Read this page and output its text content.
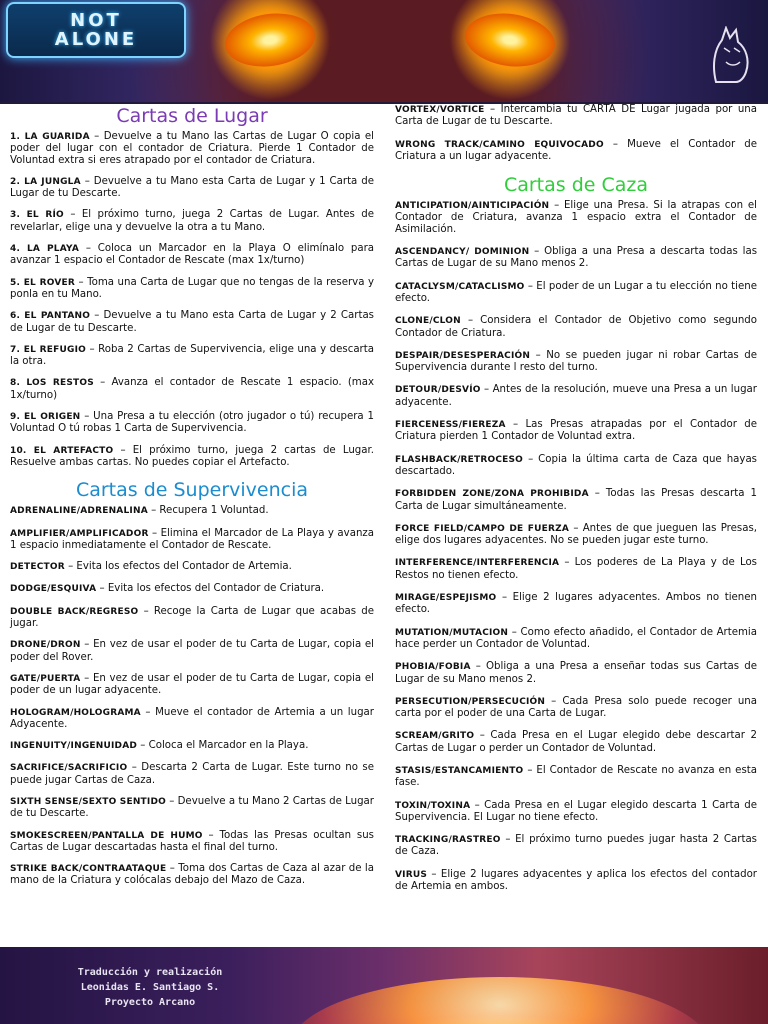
NOT
ALONE
Cartas de Lugar

1. LA GUARIDA – Devuelve a tu Mano las Cartas de Lugar O copia el poder del lugar con el contador de Criatura. Pierde 1 Contador de Voluntad extra si eres atrapado por el contador de Criatura.

2. LA JUNGLA – Devuelve a tu Mano esta Carta de Lugar y 1 Carta de Lugar de tu Descarte.

3. EL RÍO – El próximo turno, juega 2 Cartas de Lugar. Antes de revelarlar, elige una y devuelve la otra a tu Mano.

4. LA PLAYA – Coloca un Marcador en la Playa O elimínalo para avanzar 1 espacio el Contador de Rescate (max 1x/turno)

5. EL ROVER – Toma una Carta de Lugar que no tengas de la reserva y ponla en tu Mano.

6. EL PANTANO – Devuelve a tu Mano esta Carta de Lugar y 2 Cartas de Lugar de tu Descarte.

7. EL REFUGIO – Roba 2 Cartas de Supervivencia, elige una y descarta la otra.

8. LOS RESTOS – Avanza el contador de Rescate 1 espacio. (max 1x/turno)

9. EL ORIGEN – Una Presa a tu elección (otro jugador o tú) recupera 1 Voluntad O tú robas 1 Carta de Supervivencia.

10. EL ARTEFACTO – El próximo turno, juega 2 cartas de Lugar. Resuelve ambas cartas. No puedes copiar el Artefacto.

Cartas de Supervivencia

ADRENALINE/ADRENALINA – Recupera 1 Voluntad.

AMPLIFIER/AMPLIFICADOR – Elimina el Marcador de La Playa y avanza 1 espacio inmediatamente el Contador de Rescate.

DETECTOR – Evita los efectos del Contador de Artemia.

DODGE/ESQUIVA – Evita los efectos del Contador de Criatura.

DOUBLE BACK/REGRESO – Recoge la Carta de Lugar que acabas de jugar.

DRONE/DRON – En vez de usar el poder de tu Carta de Lugar, copia el poder del Rover.

GATE/PUERTA – En vez de usar el poder de tu Carta de Lugar, copia el poder de un lugar adyacente.

HOLOGRAM/HOLOGRAMA – Mueve el contador de Artemia a un lugar Adyacente.

INGENUITY/INGENUIDAD – Coloca el Marcador en la Playa.

SACRIFICE/SACRIFICIO – Descarta 2 Carta de Lugar. Este turno no se puede jugar Cartas de Caza.

SIXTH SENSE/SEXTO SENTIDO – Devuelve a tu Mano 2 Cartas de Lugar de tu Descarte.

SMOKESCREEN/PANTALLA DE HUMO – Todas las Presas ocultan sus Cartas de Lugar descartadas hasta el final del turno.

STRIKE BACK/CONTRAATAQUE – Toma dos Cartas de Caza al azar de la mano de la Criatura y colócalas debajo del Mazo de Caza.

VORTEX/VORTICE – Intercambia tu CARTA DE Lugar jugada por una Carta de Lugar de tu Descarte.

WRONG TRACK/CAMINO EQUIVOCADO – Mueve el Contador de Criatura a un lugar adyacente.

Cartas de Caza

ANTICIPATION/AINTICIPACIÓN – Elige una Presa. Si la atrapas con el Contador de Criatura, avanza 1 espacio extra el Contador de Asimilación.

ASCENDANCY/ DOMINION – Obliga a una Presa a descarta todas las Cartas de Lugar de su Mano menos 2.

CATACLYSM/CATACLISMO – El poder de un Lugar a tu elección no tiene efecto.

CLONE/CLON – Considera el Contador de Objetivo como segundo Contador de Criatura.

DESPAIR/DESESPERACIÓN – No se pueden jugar ni robar Cartas de Supervivencia durante l resto del turno.

DETOUR/DESVÍO – Antes de la resolución, mueve una Presa a un lugar adyacente.

FIERCENESS/FIEREZA – Las Presas atrapadas por el Contador de Criatura pierden 1 Contador de Voluntad extra.

FLASHBACK/RETROCESO – Copia la última carta de Caza que hayas descartado.

FORBIDDEN ZONE/ZONA PROHIBIDA – Todas las Presas descarta 1 Carta de Lugar simultáneamente.

FORCE FIELD/CAMPO DE FUERZA – Antes de que jueguen las Presas, elige dos lugares adyacentes. No se pueden jugar este turno.

INTERFERENCE/INTERFERENCIA – Los poderes de La Playa y de Los Restos no tienen efecto.

MIRAGE/ESPEJISMO – Elige 2 lugares adyacentes. Ambos no tienen efecto.

MUTATION/MUTACION – Como efecto añadido, el Contador de Artemia hace perder un Contador de Voluntad.

PHOBIA/FOBIA – Obliga a una Presa a enseñar todas sus Cartas de Lugar de su Mano menos 2.

PERSECUTION/PERSECUCIÓN – Cada Presa solo puede recoger una carta por el poder de una Carta de Lugar.

SCREAM/GRITO – Cada Presa en el Lugar elegido debe descartar 2 Cartas de Lugar o perder un Contador de Voluntad.

STASIS/ESTANCAMIENTO – El Contador de Rescate no avanza en esta fase.

TOXIN/TOXINA – Cada Presa en el Lugar elegido descarta 1 Carta de Supervivencia. El Lugar no tiene efecto.

TRACKING/RASTREO – El próximo turno puedes jugar hasta 2 Cartas de Caza.

VIRUS – Elige 2 lugares adyacentes y aplica los efectos del contador de Artemia en ambos.

Traducción y realización
Leonidas E. Santiago S.
Proyecto Arcano
